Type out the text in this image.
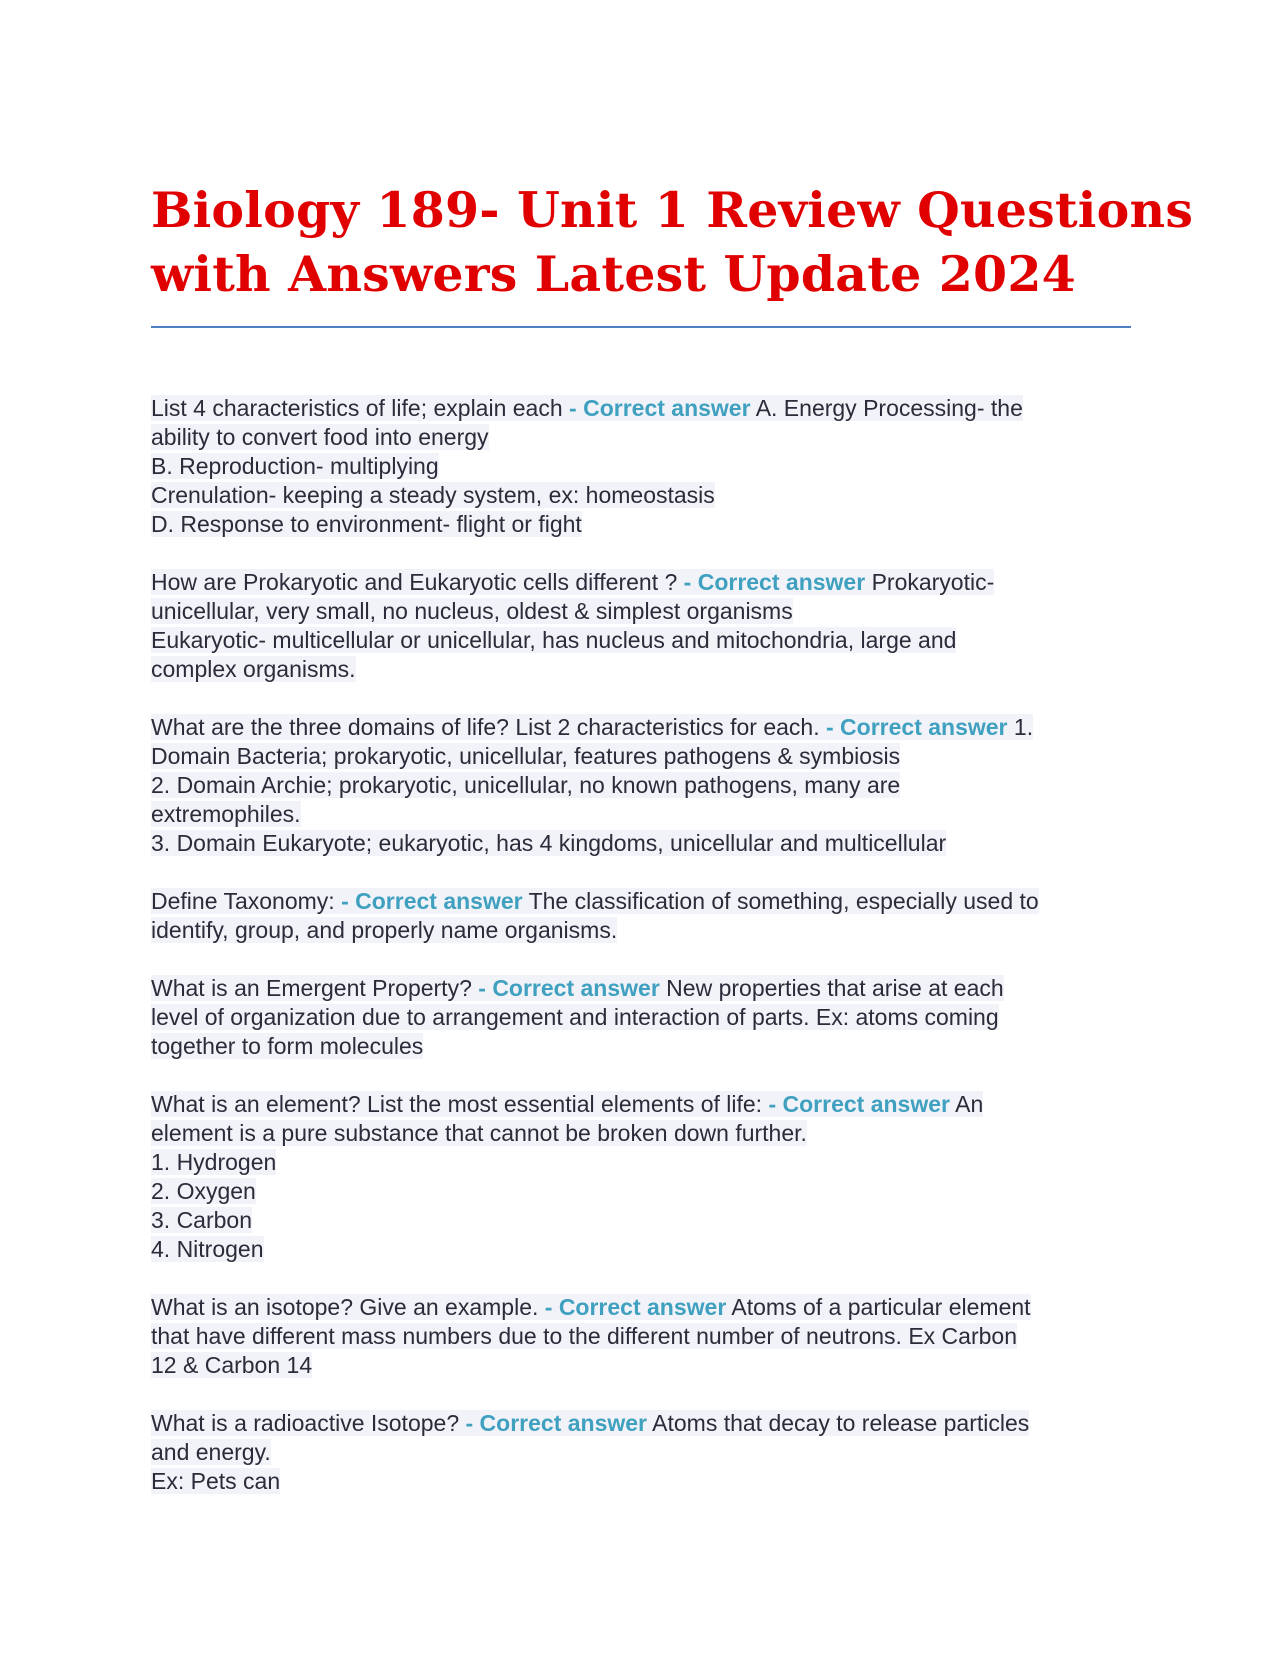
Biology 189- Unit 1 Review Questions
with Answers Latest Update 2024
List 4 characteristics of life; explain each - Correct answer A. Energy Processing- the
ability to convert food into energy
B. Reproduction- multiplying
Crenulation- keeping a steady system, ex: homeostasis
D. Response to environment- flight or fight
How are Prokaryotic and Eukaryotic cells different ? - Correct answer Prokaryotic-
unicellular, very small, no nucleus, oldest & simplest organisms
Eukaryotic- multicellular or unicellular, has nucleus and mitochondria, large and
complex organisms.
What are the three domains of life? List 2 characteristics for each. - Correct answer 1.
Domain Bacteria; prokaryotic, unicellular, features pathogens & symbiosis
2. Domain Archie; prokaryotic, unicellular, no known pathogens, many are
extremophiles.
3. Domain Eukaryote; eukaryotic, has 4 kingdoms, unicellular and multicellular
Define Taxonomy: - Correct answer The classification of something, especially used to
identify, group, and properly name organisms.
What is an Emergent Property? - Correct answer New properties that arise at each
level of organization due to arrangement and interaction of parts. Ex: atoms coming
together to form molecules
What is an element? List the most essential elements of life: - Correct answer An
element is a pure substance that cannot be broken down further.
1. Hydrogen
2. Oxygen
3. Carbon
4. Nitrogen
What is an isotope? Give an example. - Correct answer Atoms of a particular element
that have different mass numbers due to the different number of neutrons. Ex Carbon
12 & Carbon 14
What is a radioactive Isotope? - Correct answer Atoms that decay to release particles
and energy.
Ex: Pets can
